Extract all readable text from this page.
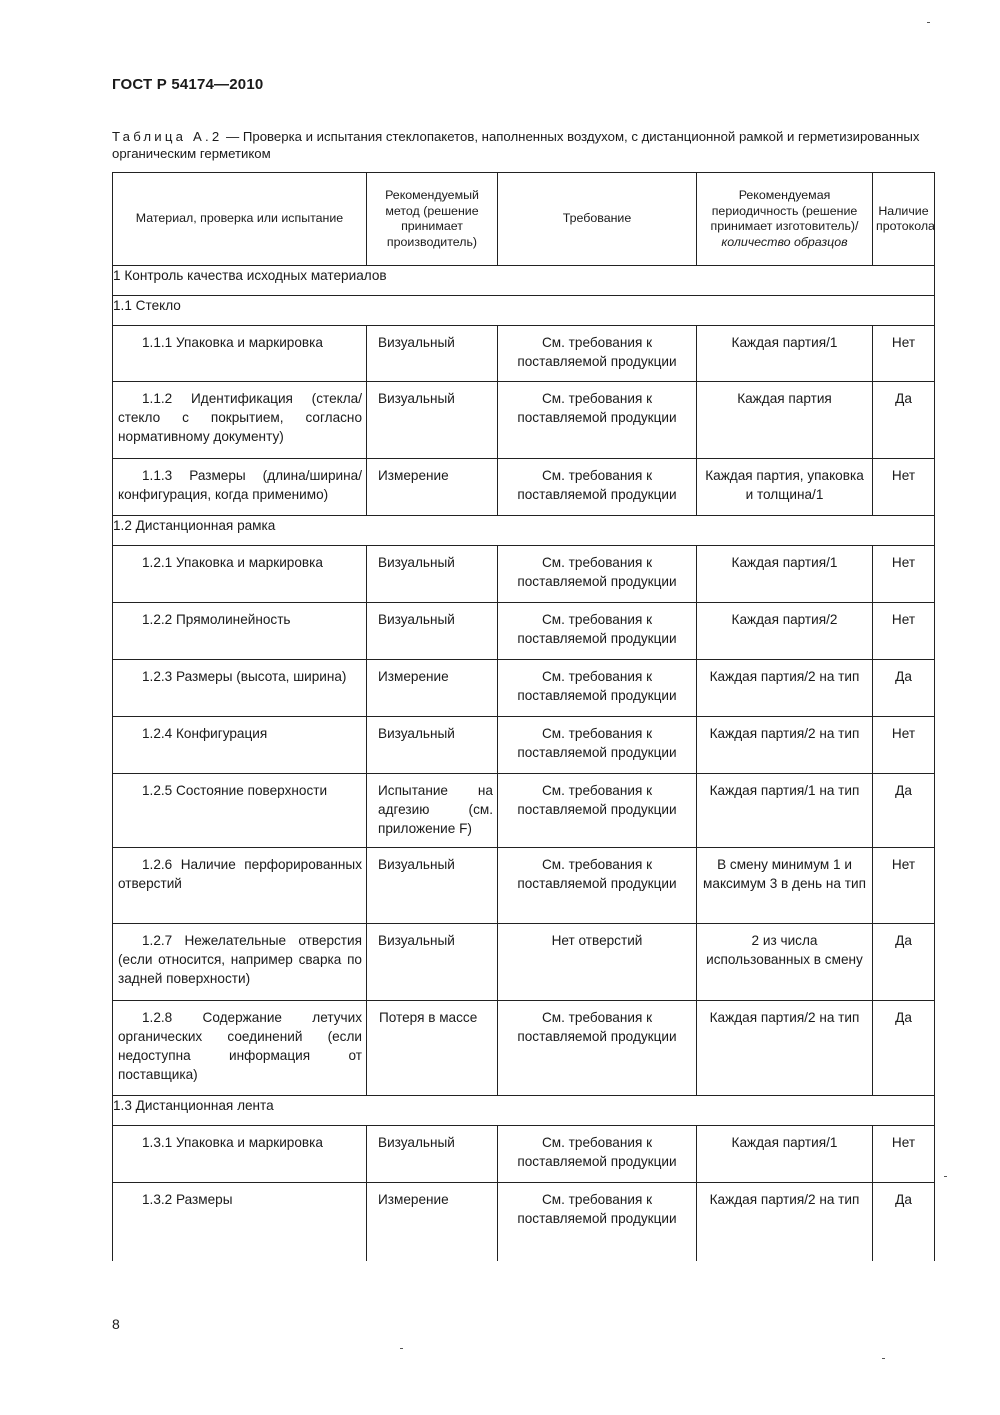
ГОСТ Р 54174—2010
Таблица А.2 — Проверка и испытания стеклопакетов, наполненных воздухом, с дистанционной рамкой и герметизированных органическим герметиком
Материал, проверка или испытание	Рекомендуемый метод (решение принимает производитель)	Требование	Рекомендуемая периодичность (решение принимает изготовитель)/количество образцов	Наличие протокола
1 Контроль качества исходных материалов				
1.1 Стекло				

1.1.1 Упаковка и маркировка	Визуальный	См. требования к поставляемой продукции	Каждая партия/1	Нет

1.1.2 Идентификация (стекла/стекло с покрытием, согласно нормативному документу)	Визуальный	См. требования к поставляемой продукции	Каждая партия	Да

1.1.3 Размеры (длина/ширина/конфигурация, когда применимо)	Измерение	См. требования к поставляемой продукции	Каждая партия, упаковка и толщина/1	Нет
1.2 Дистанционная рамка				

1.2.1 Упаковка и маркировка	Визуальный	См. требования к поставляемой продукции	Каждая партия/1	Нет

1.2.2 Прямолинейность	Визуальный	См. требования к поставляемой продукции	Каждая партия/2	Нет

1.2.3 Размеры (высота, ширина)	Измерение	См. требования к поставляемой продукции	Каждая партия/2 на тип	Да

1.2.4 Конфигурация	Визуальный	См. требования к поставляемой продукции	Каждая партия/2 на тип	Нет

1.2.5 Состояние поверхности	Испытание на адгезию (см. приложение F)	См. требования к поставляемой продукции	Каждая партия/1 на тип	Да

1.2.6 Наличие перфорированных отверстий	Визуальный	См. требования к поставляемой продукции	В смену минимум 1 и максимум 3 в день на тип	Нет

1.2.7 Нежелательные отверстия (если относится, например сварка по задней поверхности)	Визуальный	Нет отверстий	2 из числа использованных в смену	Да

1.2.8 Содержание летучих органических соединений (если недоступна информация от поставщика)	Потеря в массе	См. требования к поставляемой продукции	Каждая партия/2 на тип	Да
1.3 Дистанционная лента				

1.3.1 Упаковка и маркировка	Визуальный	См. требования к поставляемой продукции	Каждая партия/1	Нет

1.3.2 Размеры	Измерение	См. требования к поставляемой продукции	Каждая партия/2 на тип	Да
8
